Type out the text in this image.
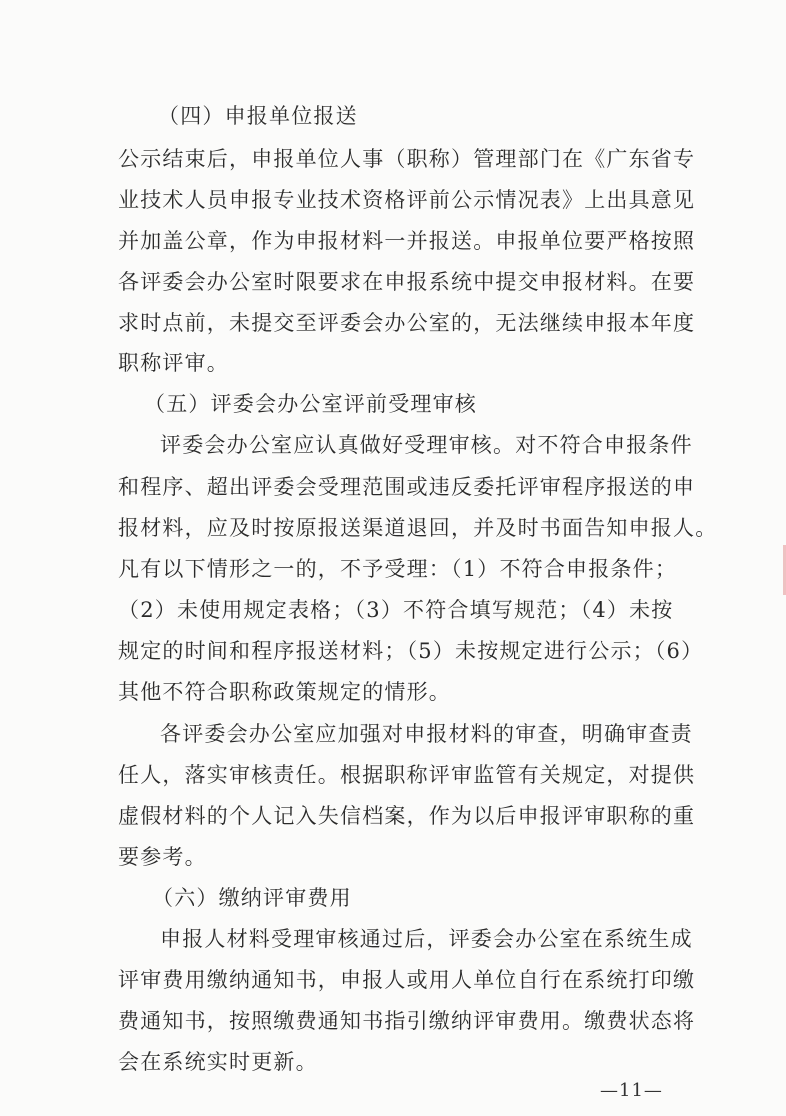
（四）申报单位报送
公示结束后，申报单位人事（职称）管理部门在《广东省专
业技术人员申报专业技术资格评前公示情况表》上出具意见
并加盖公章，作为申报材料一并报送。申报单位要严格按照
各评委会办公室时限要求在申报系统中提交申报材料。在要
求时点前，未提交至评委会办公室的，无法继续申报本年度
职称评审。
（五）评委会办公室评前受理审核
评委会办公室应认真做好受理审核。对不符合申报条件
和程序、超出评委会受理范围或违反委托评审程序报送的申
报材料，应及时按原报送渠道退回，并及时书面告知申报人。
凡有以下情形之一的，不予受理：（1）不符合申报条件；
（2）未使用规定表格；（3）不符合填写规范；（4）未按
规定的时间和程序报送材料；（5）未按规定进行公示；（6）
其他不符合职称政策规定的情形。
各评委会办公室应加强对申报材料的审查，明确审查责
任人，落实审核责任。根据职称评审监管有关规定，对提供
虚假材料的个人记入失信档案，作为以后申报评审职称的重
要参考。
（六）缴纳评审费用
申报人材料受理审核通过后，评委会办公室在系统生成
评审费用缴纳通知书，申报人或用人单位自行在系统打印缴
费通知书，按照缴费通知书指引缴纳评审费用。缴费状态将
会在系统实时更新。
—11—
